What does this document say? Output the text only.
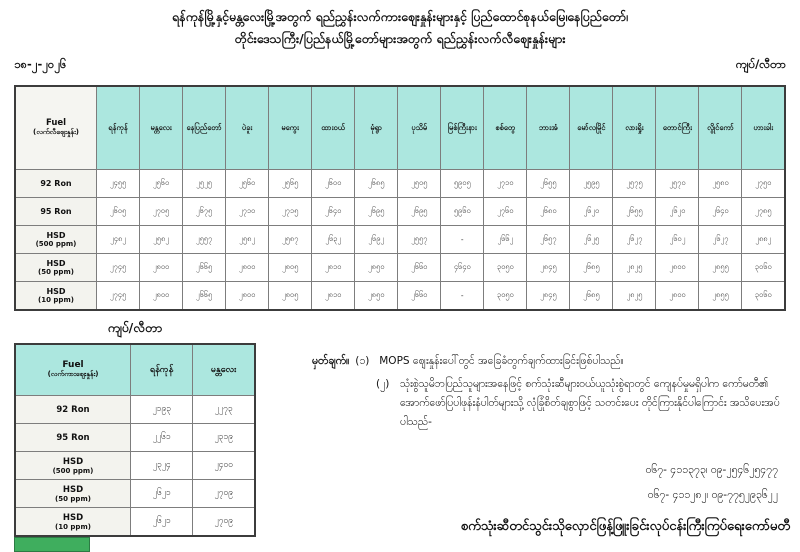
ရန်ကုန်မြို့နှင့်မန္တလေးမြို့အတွက် ရည်ညွှန်းလက်ကားဈေးနှုန်းများနှင့် ပြည်ထောင်စုနယ်မြေ၊နေပြည်တော်၊
တိုင်းဒေသကြီး/ပြည်နယ်မြို့တော်များအတွက် ရည်ညွှန်းလက်လီဈေးနှုန်းများ
၁၈-၂-၂၀၂၆	ကျပ်/လီတာ
Fuel
(လက်လီဈေးနှုန်း)	ရန်ကုန်	မန္တလေး	နေပြည်တော်	ပဲခူး	မကွေး	ထားဝယ်	မုံရွာ	ပုသိမ်	မြစ်ကြီးနား	စစ်တွေ	ဘားအံ	မော်လမြိုင်	လားရှိုး	တောင်ကြီး	လွိုင်ကော်	ဟားခါး

92 Ron	၂၄၅၅	၂၅၆၀	၂၅၂၅	၂၅၆၀	၂၅၆၅	၂၆၀၀	၂၆၈၅	၂၅၀၅	၅၉၀၅	၂၇၁၀	၂၆၅၅	၂၅၉၅	၂၅၇၅	၂၅၇၀	၂၅၈၀	၂၇၅၀

95 Ron	၂၆၀၅	၂၇၀၅	၂၆၇၅	၂၇၁၀	၂၇၁၅	၂၆၄၀	၂၆၉၅	၂၆၉၅	၅၉၆၀	၂၇၆၀	၂၆၈၀	၂၆၂၀	၂၆၅၅	၂၆၂၀	၂၆၄၀	၂၇၈၅

HSD
(500 ppm)	၂၄၈၂	၂၅၈၂	၂၅၅၇	၂၅၈၂	၂၅၈၇	၂၆၃၂	၂၆၉၂	၂၅၅၇	-	၂၆၆၂	၂၆၅၇	၂၆၂၅	၂၆၂၇	၂၆၀၂	၂၆၂၇	၂၈၈၂

HSD
(50 ppm)	၂၇၄၅	၂၈၀၀	၂၆၆၅	၂၈၀၀	၂၈၀၅	၂၈၁၀	၂၈၅၀	၂၆၆၀	၄၆၄၀	၃၀၅၀	၂၈၄၅	၂၆၈၅	၂၈၂၅	၂၈၀၀	၂၈၅၅	၃၀၆၀

HSD
(10 ppm)	၂၇၄၅	၂၈၀၀	၂၆၆၅	၂၈၀၀	၂၈၀၅	၂၈၁၀	၂၈၅၀	၂၆၆၀	-	၃၀၅၀	၂၈၄၅	၂၆၈၅	၂၈၂၅	၂၈၀၀	၂၈၅၅	၃၀၆၀
ကျပ်/လီတာ
Fuel
(လက်ကားဈေးနှုန်း)	ရန်ကုန်	မန္တလေး

92 Ron	၂၁၉၃	၂၂၇၃

95 Ron	၂၂၆၁	၂၃၁၉

HSD
(500 ppm)	၂၃၂၄	၂၄၀၀

HSD
(50 ppm)	၂၆၂၁	၂၇၀၉

HSD
(10 ppm)	၂၆၂၁	၂၇၀၉
မှတ်ချက်။ (၁) MOPS ဈေးနှုန်းပေါ်တွင် အခြေခံတွက်ချက်ထားခြင်းဖြစ်ပါသည်။
(၂)	သုံးစွဲသူမိဘပြည်သူများအနေဖြင့် စက်သုံးဆီများဝယ်ယူသုံးစွဲရာတွင် ကျေနပ်မှုမရှိပါက ကော်မတီ၏ အောက်ဖော်ပြပါဖုန်းနံပါတ်များသို့ လုံခြုံစိတ်ချစွာဖြင့် သတင်းပေး တိုင်ကြားနိုင်ပါကြောင်း အသိပေးအပ်ပါသည်-
၀၆၇- ၄၁၁၃၇၃၊ ၀၉-၂၅၄၆၂၅၄၇၇
၀၆၇- ၄၁၁၂၈၂၊ ၀၉-၇၇၅၂၉၃၆၂၂
စက်သုံးဆီတင်သွင်းသိုလှောင်ဖြန့်ဖြူးခြင်းလုပ်ငန်းကြီးကြပ်ရေးကော်မတီ
